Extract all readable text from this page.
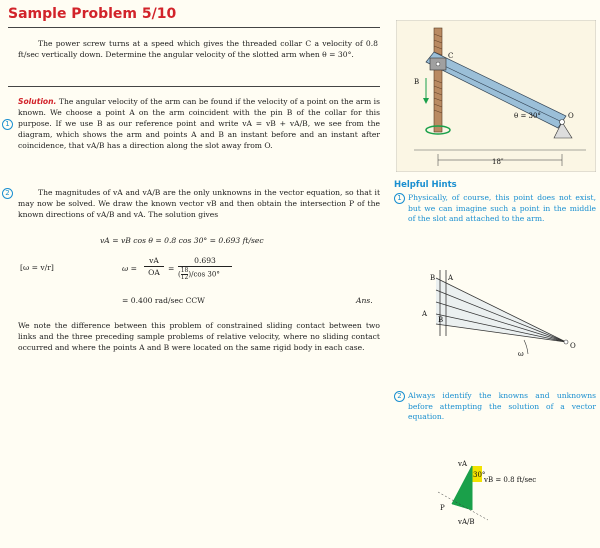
Sample Problem 5/10
The power screw turns at a speed which gives the threaded collar C a velocity of 0.8 ft/sec vertically down. Determine the angular velocity of the slotted arm when θ = 30°.
1
Solution. The angular velocity of the arm can be found if the velocity of a point on the arm is known. We choose a point A on the arm coincident with the pin B of the collar for this purpose. If we use B as our reference point and write vA = vB + vA/B, we see from the diagram, which shows the arm and points A and B an instant before and an instant after coincidence, that vA/B has a direction along the slot away from O.
2	The magnitudes of vA and vA/B are the only unknowns in the vector equation, so that it may now be solved. We draw the known vector vB and then obtain the intersection P of the known directions of vA/B and vA. The solution gives
vA = vB cos θ = 0.8 cos 30° = 0.693 ft/sec
[ω = v/r]	ω =
vA
OA	=
0.693
( $\frac{18}{12} )/\cos$ 30°
= 0.400 rad/sec CCW	Ans.
We note the difference between this problem of constrained sliding contact between two links and the three preceding sample problems of relative velocity, where no sliding contact occurred and where the points A and B were located on the same rigid body in each case.
B
C
O
θ = 30°
18″
Helpful Hints
1 Physically, of course, this point does not exist, but we can imagine such a point in the middle of the slot and attached to the arm.
B A
A
B
ω
O
2 Always identify the knowns and unknowns before attempting the solution of a vector equation.
vA
30°
vB = 0.8 ft/sec
P
vA/B
